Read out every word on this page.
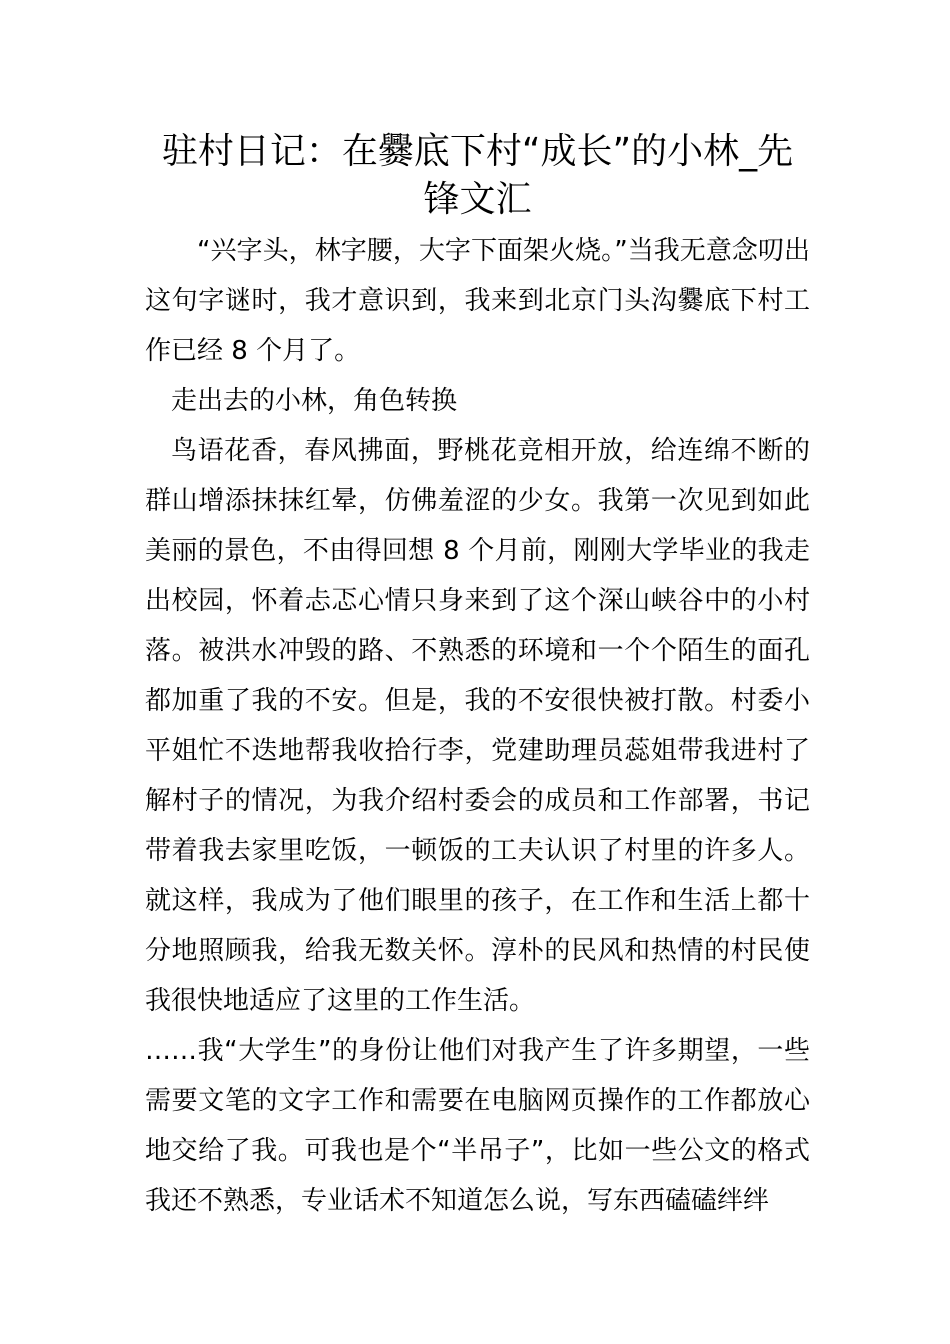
驻村日记：在爨底下村“成长”的小林_先锋文汇

“兴字头，林字腰，大字下面架火烧。”当我无意念叨出这句字谜时，我才意识到，我来到北京门头沟爨底下村工作已经 8 个月了。

走出去的小林，角色转换

鸟语花香，春风拂面，野桃花竞相开放，给连绵不断的群山增添抹抹红晕，仿佛羞涩的少女。我第一次见到如此美丽的景色，不由得回想 8 个月前，刚刚大学毕业的我走出校园，怀着忐忑心情只身来到了这个深山峡谷中的小村落。被洪水冲毁的路、不熟悉的环境和一个个陌生的面孔都加重了我的不安。但是，我的不安很快被打散。村委小平姐忙不迭地帮我收拾行李，党建助理员蕊姐带我进村了解村子的情况，为我介绍村委会的成员和工作部署，书记带着我去家里吃饭，一顿饭的工夫认识了村里的许多人。就这样，我成为了他们眼里的孩子，在工作和生活上都十分地照顾我，给我无数关怀。淳朴的民风和热情的村民使我很快地适应了这里的工作生活。

……我“大学生”的身份让他们对我产生了许多期望，一些需要文笔的文字工作和需要在电脑网页操作的工作都放心地交给了我。可我也是个“半吊子”，比如一些公文的格式我还不熟悉，专业话术不知道怎么说，写东西磕磕绊绊
